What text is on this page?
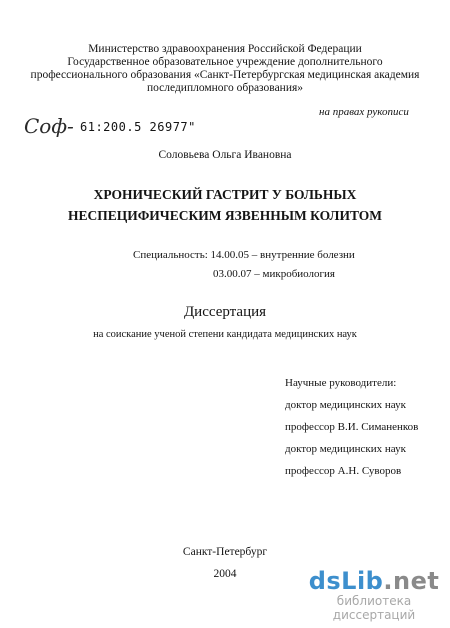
Министерство здравоохранения Российской Федерации
Государственное образовательное учреждение дополнительного
профессионального образования «Санкт-Петербургская медицинская академия
последипломного образования»
на правах рукописи
Соф‑ 61:200.5 26977"
Соловьева Ольга Ивановна
ХРОНИЧЕСКИЙ ГАСТРИТ У БОЛЬНЫХ
НЕСПЕЦИФИЧЕСКИМ ЯЗВЕННЫМ КОЛИТОМ
Специальность: 14.00.05 – внутренние болезни
03.00.07 – микробиология
Диссертация
на соискание ученой степени кандидата медицинских наук
Научные руководители:
доктор медицинских наук
профессор В.И. Симаненков
доктор медицинских наук
профессор А.Н. Суворов
Санкт-Петербург
2004	dsLib.net
библиотека диссертаций
